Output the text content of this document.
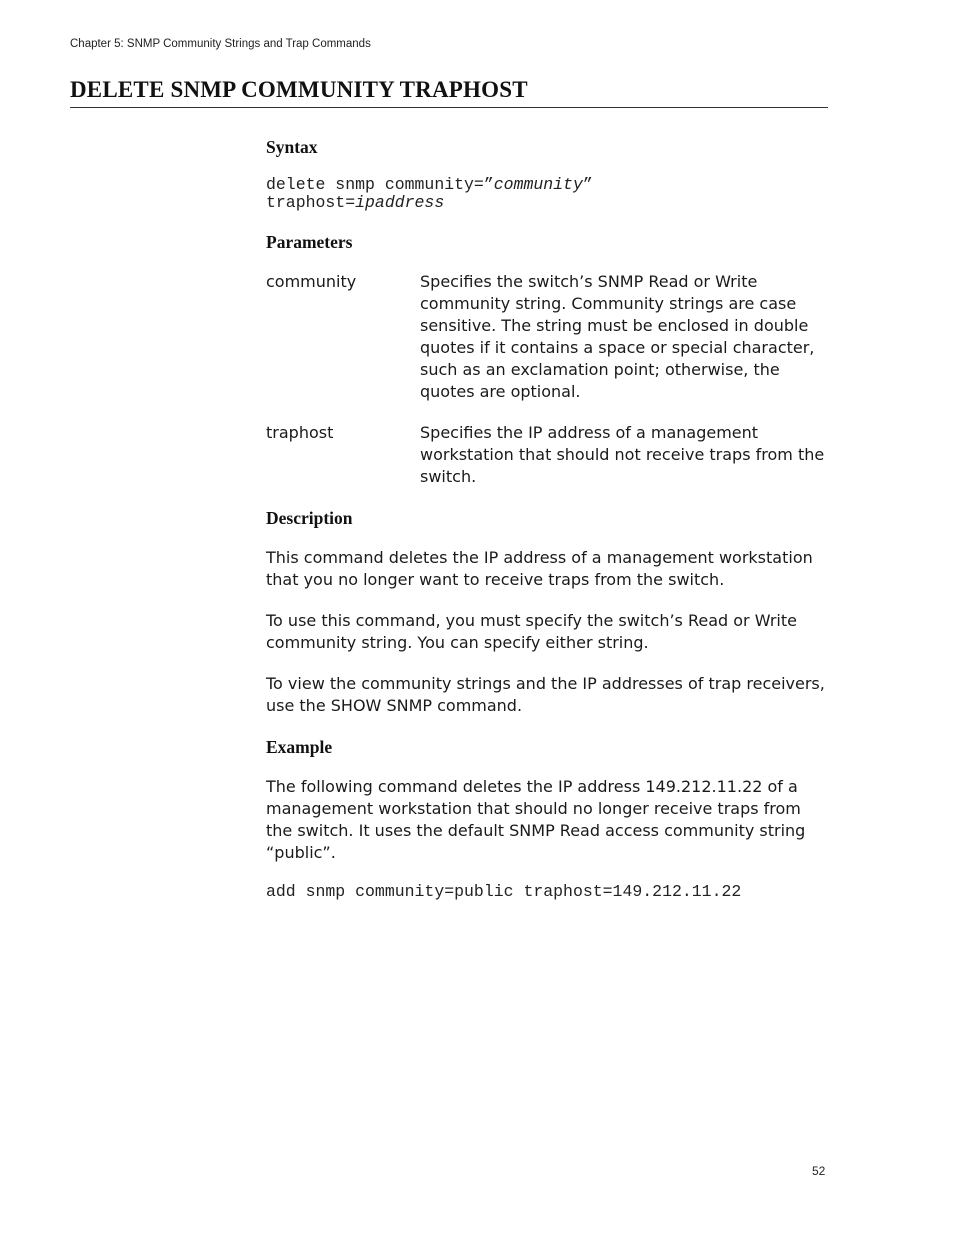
Chapter 5: SNMP Community Strings and Trap Commands
DELETE SNMP COMMUNITY TRAPHOST
Syntax
delete snmp community=”community”
traphost=ipaddress
Parameters
community	Specifies the switch’s SNMP Read or Write community string. Community strings are case sensitive. The string must be enclosed in double quotes if it contains a space or special character, such as an exclamation point; otherwise, the quotes are optional.
traphost	Specifies the IP address of a management workstation that should not receive traps from the switch.
Description

This command deletes the IP address of a management workstation that you no longer want to receive traps from the switch.

To use this command, you must specify the switch’s Read or Write community string. You can specify either string.

To view the community strings and the IP addresses of trap receivers, use the SHOW SNMP command.

Example

The following command deletes the IP address 149.212.11.22 of a management workstation that should no longer receive traps from the switch. It uses the default SNMP Read access community string “public”.

add snmp community=public traphost=149.212.11.22
52
